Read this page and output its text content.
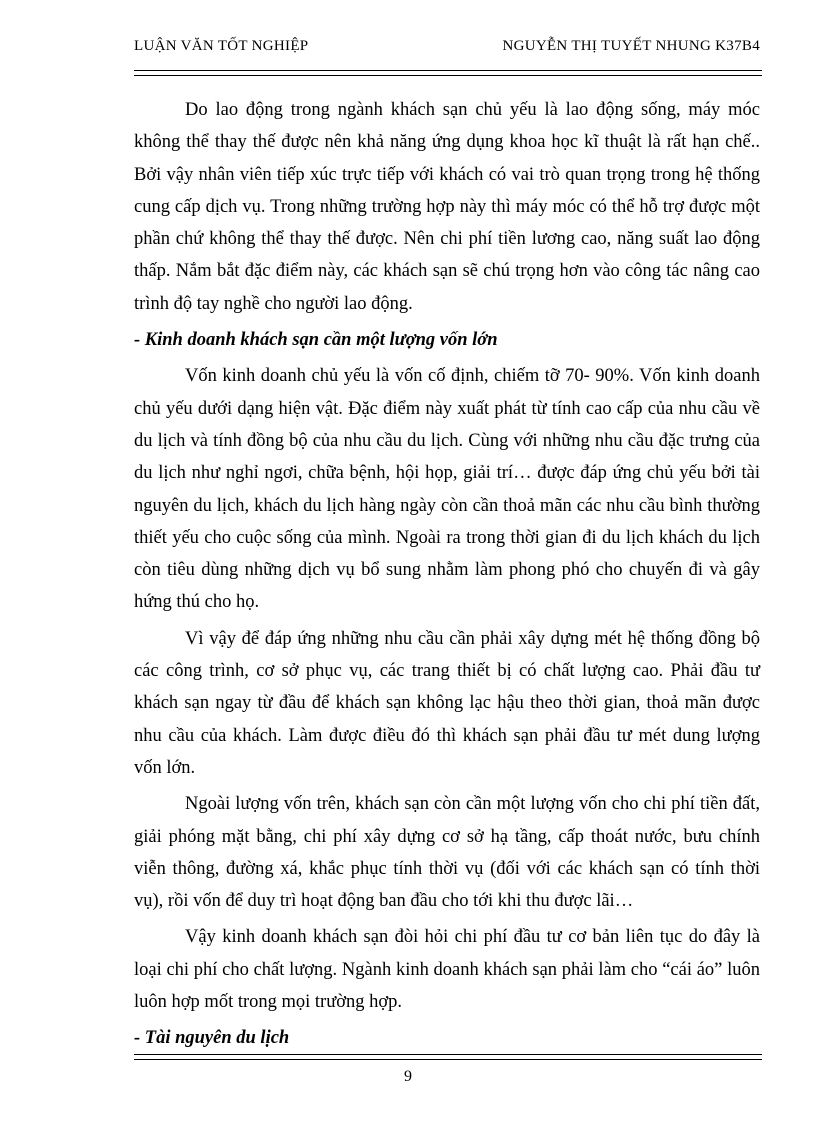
LUẬN VĂN TỐT NGHIỆP	NGUYỄN THỊ TUYẾT NHUNG K37B4

Do lao động trong ngành khách sạn chủ yếu là lao động sống, máy móc không thể thay thế được nên khả năng ứng dụng khoa học kĩ thuật là rất hạn chế.. Bởi vậy nhân viên tiếp xúc trực tiếp với khách có vai trò quan trọng trong hệ thống cung cấp dịch vụ. Trong những trường hợp này thì máy móc có thể hỗ trợ được một phần chứ không thể thay thế được. Nên chi phí tiền lương cao, năng suất lao động thấp. Nắm bắt đặc điểm này, các khách sạn sẽ chú trọng hơn vào công tác nâng cao trình độ tay nghề cho người lao động.

- Kinh doanh khách sạn cần một lượng vốn lớn

Vốn kinh doanh chủ yếu là vốn cố định, chiếm tỡ 70- 90%. Vốn kinh doanh chủ yếu dưới dạng hiện vật. Đặc điểm này xuất phát từ tính cao cấp của nhu cầu về du lịch và tính đồng bộ của nhu cầu du lịch. Cùng với những nhu cầu đặc trưng của du lịch như nghỉ ngơi, chữa bệnh, hội họp, giải trí… được đáp ứng chủ yếu bởi tài nguyên du lịch, khách du lịch hàng ngày còn cần thoả mãn các nhu cầu bình thường thiết yếu cho cuộc sống của mình. Ngoài ra trong thời gian đi du lịch khách du lịch còn tiêu dùng những dịch vụ bổ sung nhằm làm phong phó cho chuyến đi và gây hứng thú cho họ.

Vì vậy để đáp ứng những nhu cầu cần phải xây dựng mét hệ thống đồng bộ các công trình, cơ sở phục vụ, các trang thiết bị có chất lượng cao. Phải đầu tư khách sạn ngay từ đầu để khách sạn không lạc hậu theo thời gian, thoả mãn được nhu cầu của khách. Làm được điều đó thì khách sạn phải đầu tư mét dung lượng vốn lớn.

Ngoài lượng vốn trên, khách sạn còn cần một lượng vốn cho chi phí tiền đất, giải phóng mặt bằng, chi phí xây dựng cơ sở hạ tầng, cấp thoát nước, bưu chính viễn thông, đường xá, khắc phục tính thời vụ (đối với các khách sạn có tính thời vụ), rồi vốn để duy trì hoạt động ban đầu cho tới khi thu được lãi…

Vậy kinh doanh khách sạn đòi hỏi chi phí đầu tư cơ bản liên tục do đây là loại chi phí cho chất lượng. Ngành kinh doanh khách sạn phải làm cho “cái áo” luôn luôn hợp mốt trong mọi trường hợp.

- Tài nguyên du lịch
9
